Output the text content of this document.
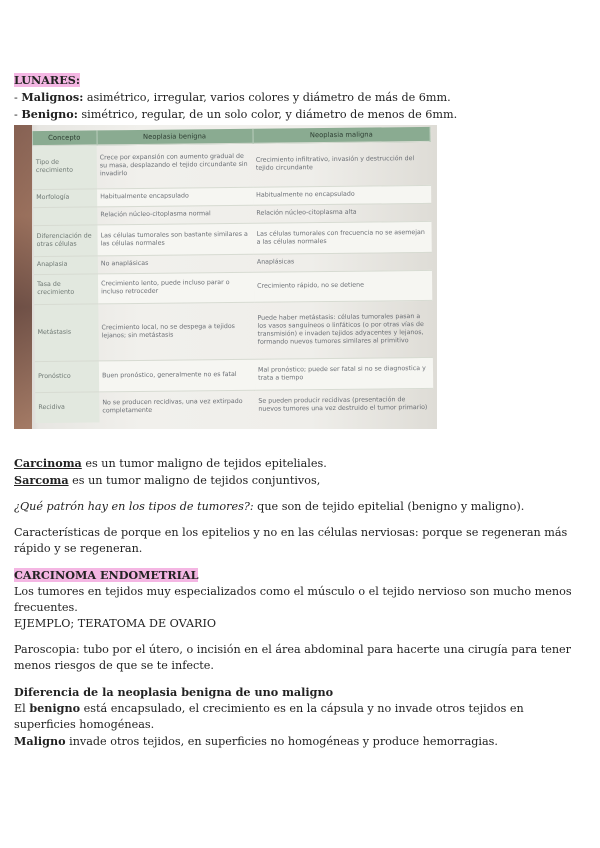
LUNARES:
- Malignos: asimétrico, irregular, varios colores y diámetro de más de 6mm.
- Benigno: simétrico, regular, de un solo color, y diámetro de menos de 6mm.
Concepto	Neoplasia benigna	Neoplasia maligna
Tipo de crecimiento	Crece por expansión con aumento gradual de su masa, desplazando el tejido circundante sin invadirlo	Crecimiento infiltrativo, invasión y destrucción del tejido circundante
Morfología	Habitualmente encapsulado	Habitualmente no encapsulado
	Relación núcleo-citoplasma normal	Relación núcleo-citoplasma alta
Diferenciación de otras células	Las células tumorales son bastante similares a las células normales	Las células tumorales con frecuencia no se asemejan a las células normales
Anaplasia	No anaplásicas	Anaplásicas
Tasa de crecimiento	Crecimiento lento, puede incluso parar o incluso retroceder	Crecimiento rápido, no se detiene
Metástasis	Crecimiento local, no se despega a tejidos lejanos; sin metástasis	Puede haber metástasis: células tumorales pasan a los vasos sanguíneos o linfáticos (o por otras vías de transmisión) e invaden tejidos adyacentes y lejanos, formando nuevos tumores similares al primitivo
Pronóstico	Buen pronóstico, generalmente no es fatal	Mal pronóstico; puede ser fatal si no se diagnostica y trata a tiempo
Recidiva	No se producen recidivas, una vez extirpado completamente	Se pueden producir recidivas (presentación de nuevos tumores una vez destruido el tumor primario)
Carcinoma es un tumor maligno de tejidos epiteliales.
Sarcoma es un tumor maligno de tejidos conjuntivos,
¿Qué patrón hay en los tipos de tumores?: que son de tejido epitelial (benigno y maligno).
Características de porque en los epitelios y no en las células nerviosas: porque se regeneran más rápido y se regeneran.
CARCINOMA ENDOMETRIAL
Los tumores en tejidos muy especializados como el músculo o el tejido nervioso son mucho menos frecuentes.
EJEMPLO; TERATOMA DE OVARIO
Paroscopia: tubo por el útero, o incisión en el área abdominal para hacerte una cirugía para tener menos riesgos de que se te infecte.
Diferencia de la neoplasia benigna de uno maligno
El benigno está encapsulado, el crecimiento es en la cápsula y no invade otros tejidos en superficies homogéneas.
Maligno invade otros tejidos, en superficies no homogéneas y produce hemorragias.
